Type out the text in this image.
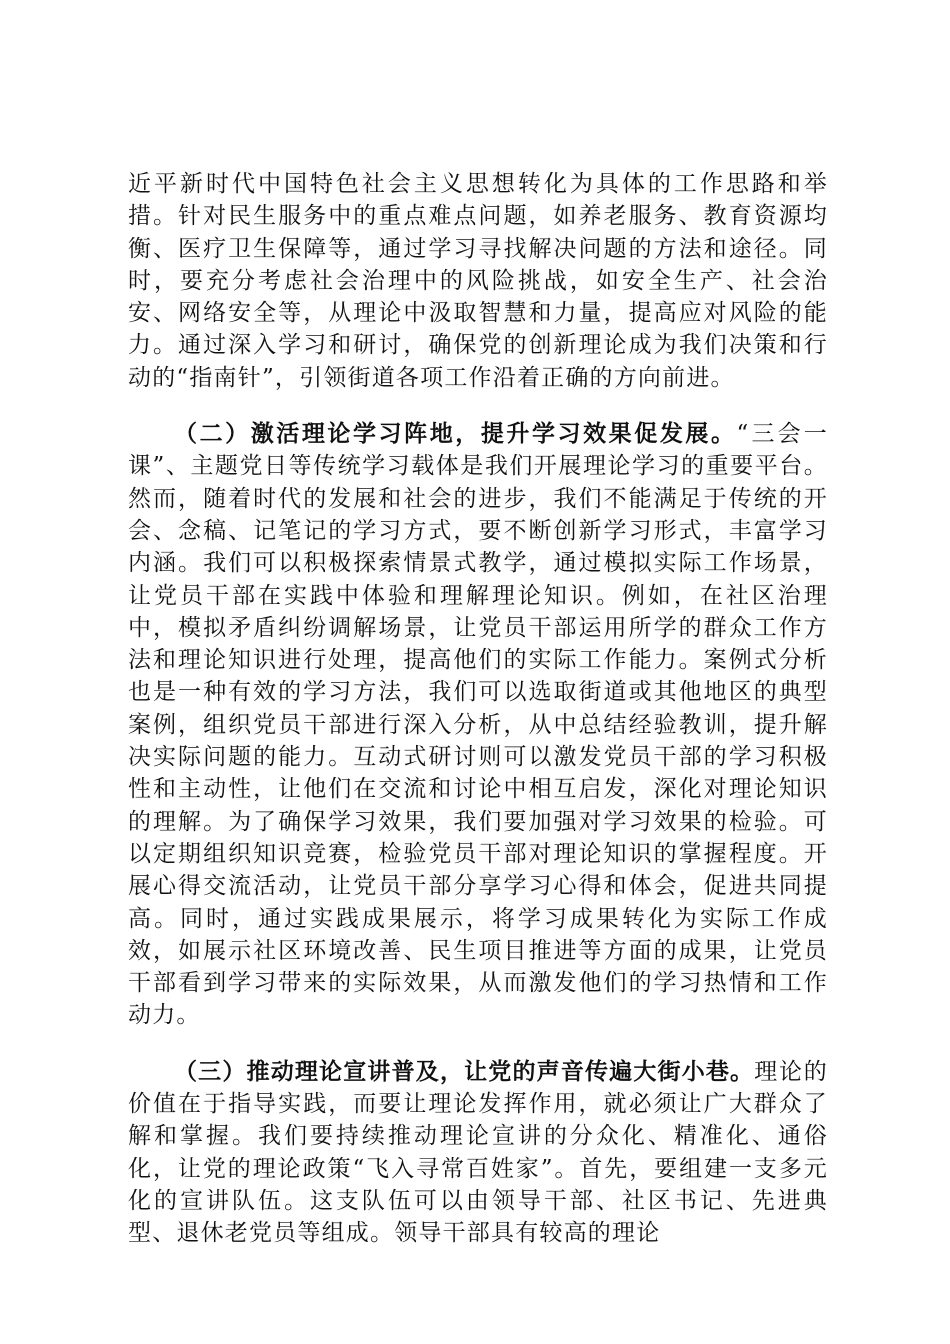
近平新时代中国特色社会主义思想转化为具体的工作思路和举措。针对民生服务中的重点难点问题，如养老服务、教育资源均衡、医疗卫生保障等，通过学习寻找解决问题的方法和途径。同时，要充分考虑社会治理中的风险挑战，如安全生产、社会治安、网络安全等，从理论中汲取智慧和力量，提高应对风险的能力。通过深入学习和研讨，确保党的创新理论成为我们决策和行动的“指南针”，引领街道各项工作沿着正确的方向前进。

（二）激活理论学习阵地，提升学习效果促发展。“三会一课”、主题党日等传统学习载体是我们开展理论学习的重要平台。然而，随着时代的发展和社会的进步，我们不能满足于传统的开会、念稿、记笔记的学习方式，要不断创新学习形式，丰富学习内涵。我们可以积极探索情景式教学，通过模拟实际工作场景，让党员干部在实践中体验和理解理论知识。例如，在社区治理中，模拟矛盾纠纷调解场景，让党员干部运用所学的群众工作方法和理论知识进行处理，提高他们的实际工作能力。案例式分析也是一种有效的学习方法，我们可以选取街道或其他地区的典型案例，组织党员干部进行深入分析，从中总结经验教训，提升解决实际问题的能力。互动式研讨则可以激发党员干部的学习积极性和主动性，让他们在交流和讨论中相互启发，深化对理论知识的理解。为了确保学习效果，我们要加强对学习效果的检验。可以定期组织知识竞赛，检验党员干部对理论知识的掌握程度。开展心得交流活动，让党员干部分享学习心得和体会，促进共同提高。同时，通过实践成果展示，将学习成果转化为实际工作成效，如展示社区环境改善、民生项目推进等方面的成果，让党员干部看到学习带来的实际效果，从而激发他们的学习热情和工作动力。

（三）推动理论宣讲普及，让党的声音传遍大街小巷。理论的价值在于指导实践，而要让理论发挥作用，就必须让广大群众了解和掌握。我们要持续推动理论宣讲的分众化、精准化、通俗化，让党的理论政策“飞入寻常百姓家”。首先，要组建一支多元化的宣讲队伍。这支队伍可以由领导干部、社区书记、先进典型、退休老党员等组成。领导干部具有较高的理论
